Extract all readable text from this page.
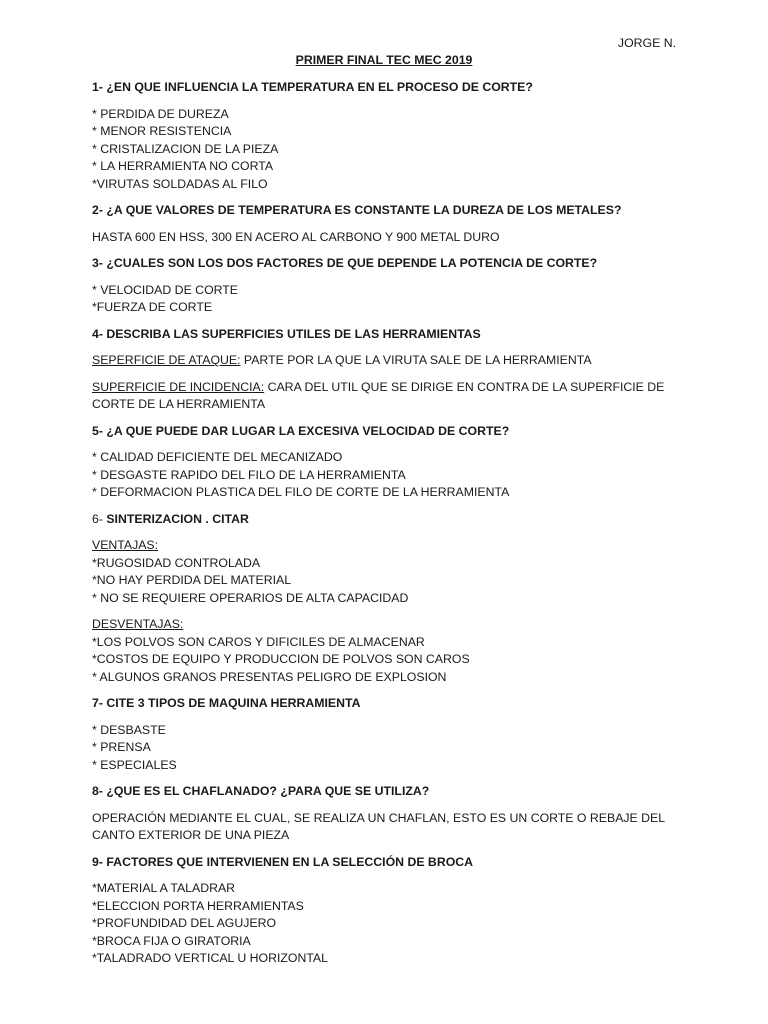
JORGE N.
PRIMER FINAL TEC MEC 2019
1- ¿EN QUE INFLUENCIA LA TEMPERATURA EN EL PROCESO DE CORTE?
* PERDIDA DE DUREZA
* MENOR RESISTENCIA
* CRISTALIZACION DE LA PIEZA
* LA HERRAMIENTA NO CORTA
*VIRUTAS SOLDADAS AL FILO
2- ¿A QUE VALORES DE TEMPERATURA ES CONSTANTE LA DUREZA DE LOS METALES?
HASTA 600 EN HSS, 300 EN ACERO AL CARBONO Y 900 METAL DURO
3- ¿CUALES SON LOS DOS FACTORES DE QUE DEPENDE LA POTENCIA DE CORTE?
* VELOCIDAD DE CORTE
*FUERZA DE CORTE
4- DESCRIBA LAS SUPERFICIES UTILES DE LAS HERRAMIENTAS
SEPERFICIE DE ATAQUE: PARTE POR LA QUE LA VIRUTA SALE DE LA HERRAMIENTA
SUPERFICIE DE INCIDENCIA: CARA DEL UTIL QUE SE DIRIGE EN CONTRA DE LA SUPERFICIE DE CORTE DE LA HERRAMIENTA
5- ¿A QUE PUEDE DAR LUGAR LA EXCESIVA VELOCIDAD DE CORTE?
* CALIDAD DEFICIENTE DEL MECANIZADO
* DESGASTE RAPIDO DEL FILO DE LA HERRAMIENTA
* DEFORMACION PLASTICA DEL FILO DE CORTE DE LA HERRAMIENTA
6- SINTERIZACION . CITAR
VENTAJAS:
*RUGOSIDAD CONTROLADA
*NO HAY PERDIDA DEL MATERIAL
* NO SE REQUIERE OPERARIOS DE ALTA CAPACIDAD
DESVENTAJAS:
*LOS POLVOS SON CAROS Y DIFICILES DE ALMACENAR
*COSTOS DE EQUIPO Y PRODUCCION DE POLVOS SON CAROS
* ALGUNOS GRANOS PRESENTAS PELIGRO DE EXPLOSION
7- CITE 3 TIPOS DE MAQUINA HERRAMIENTA
* DESBASTE
* PRENSA
* ESPECIALES
8- ¿QUE ES EL CHAFLANADO? ¿PARA QUE SE UTILIZA?
OPERACIÓN MEDIANTE EL CUAL, SE REALIZA UN CHAFLAN, ESTO ES UN CORTE O REBAJE DEL CANTO EXTERIOR DE UNA PIEZA
9- FACTORES QUE INTERVIENEN EN LA SELECCIÓN DE BROCA
*MATERIAL A TALADRAR
*ELECCION PORTA HERRAMIENTAS
*PROFUNDIDAD DEL AGUJERO
*BROCA FIJA O GIRATORIA
*TALADRADO VERTICAL U HORIZONTAL
